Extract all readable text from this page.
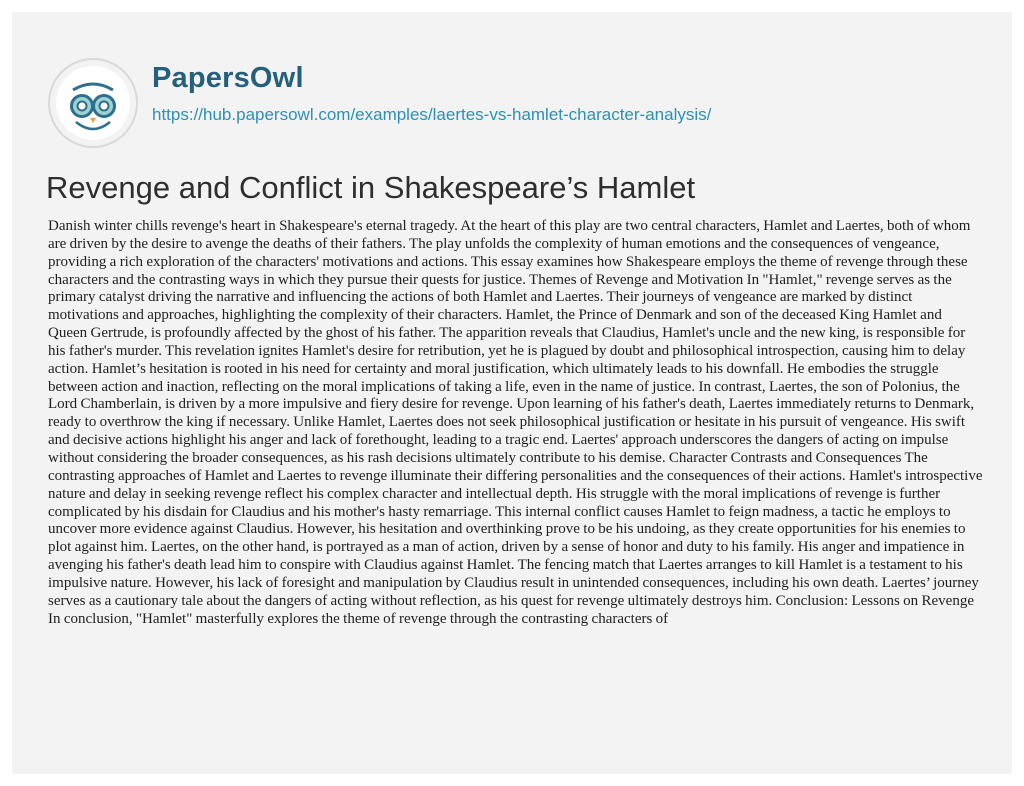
PapersOwl
https://hub.papersowl.com/examples/laertes-vs-hamlet-character-analysis/
Revenge and Conflict in Shakespeare’s Hamlet

Danish winter chills revenge's heart in Shakespeare's eternal tragedy. At the heart of this play are two central characters, Hamlet and Laertes, both of whom are driven by the desire to avenge the deaths of their fathers. The play unfolds the complexity of human emotions and the consequences of vengeance, providing a rich exploration of the characters' motivations and actions. This essay examines how Shakespeare employs the theme of revenge through these characters and the contrasting ways in which they pursue their quests for justice. Themes of Revenge and Motivation In "Hamlet," revenge serves as the primary catalyst driving the narrative and influencing the actions of both Hamlet and Laertes. Their journeys of vengeance are marked by distinct motivations and approaches, highlighting the complexity of their characters. Hamlet, the Prince of Denmark and son of the deceased King Hamlet and Queen Gertrude, is profoundly affected by the ghost of his father. The apparition reveals that Claudius, Hamlet's uncle and the new king, is responsible for his father's murder. This revelation ignites Hamlet's desire for retribution, yet he is plagued by doubt and philosophical introspection, causing him to delay action. Hamlet’s hesitation is rooted in his need for certainty and moral justification, which ultimately leads to his downfall. He embodies the struggle between action and inaction, reflecting on the moral implications of taking a life, even in the name of justice. In contrast, Laertes, the son of Polonius, the Lord Chamberlain, is driven by a more impulsive and fiery desire for revenge. Upon learning of his father's death, Laertes immediately returns to Denmark, ready to overthrow the king if necessary. Unlike Hamlet, Laertes does not seek philosophical justification or hesitate in his pursuit of vengeance. His swift and decisive actions highlight his anger and lack of forethought, leading to a tragic end. Laertes' approach underscores the dangers of acting on impulse without considering the broader consequences, as his rash decisions ultimately contribute to his demise. Character Contrasts and Consequences The contrasting approaches of Hamlet and Laertes to revenge illuminate their differing personalities and the consequences of their actions. Hamlet's introspective nature and delay in seeking revenge reflect his complex character and intellectual depth. His struggle with the moral implications of revenge is further complicated by his disdain for Claudius and his mother's hasty remarriage. This internal conflict causes Hamlet to feign madness, a tactic he employs to uncover more evidence against Claudius. However, his hesitation and overthinking prove to be his undoing, as they create opportunities for his enemies to plot against him. Laertes, on the other hand, is portrayed as a man of action, driven by a sense of honor and duty to his family. His anger and impatience in avenging his father's death lead him to conspire with Claudius against Hamlet. The fencing match that Laertes arranges to kill Hamlet is a testament to his impulsive nature. However, his lack of foresight and manipulation by Claudius result in unintended consequences, including his own death. Laertes’ journey serves as a cautionary tale about the dangers of acting without reflection, as his quest for revenge ultimately destroys him. Conclusion: Lessons on Revenge In conclusion, "Hamlet" masterfully explores the theme of revenge through the contrasting characters of
